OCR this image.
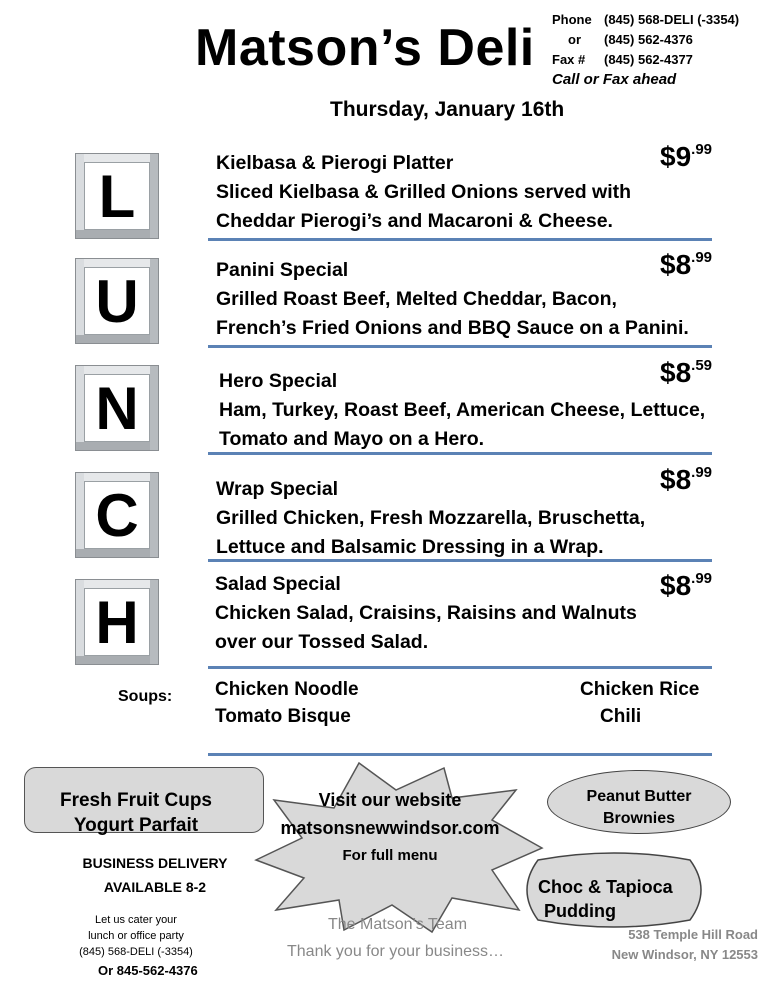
Matson’s Deli Phone (845) 568-DELI (-3354)
or (845) 562-4376
Fax # (845) 562-4377
Call or Fax ahead
Thursday, January 16th
L
U
N
C
H
Kielbasa & Pierogi Platter
Sliced Kielbasa & Grilled Onions served with
Cheddar Pierogi’s and Macaroni & Cheese.
$\$9^{.99}$
Panini Special
Grilled Roast Beef, Melted Cheddar, Bacon,
French’s Fried Onions and BBQ Sauce on a Panini.
$\$8^{.99}$
Hero Special
Ham, Turkey, Roast Beef, American Cheese, Lettuce,
Tomato and Mayo on a Hero.
$\$8^{.59}$
Wrap Special
Grilled Chicken, Fresh Mozzarella, Bruschetta,
Lettuce and Balsamic Dressing in a Wrap.
$\$8^{.99}$
Salad Special
Chicken Salad, Craisins, Raisins and Walnuts
over our Tossed Salad.
$\$8^{.99}$
Soups: Chicken Noodle
Tomato Bisque
Chicken Rice
Chili
Fresh Fruit Cups
Yogurt Parfait
Visit our website
matsonsnewwindsor.com
For full menu
Peanut Butter
Brownies
Choc & Tapioca
Pudding
BUSINESS DELIVERY
AVAILABLE 8-2
Let us cater your
lunch or office party
(845) 568-DELI (-3354)
Or 845-562-4376
The Matson’s Team
Thank you for your business…
538 Temple Hill Road
New Windsor, NY 12553
